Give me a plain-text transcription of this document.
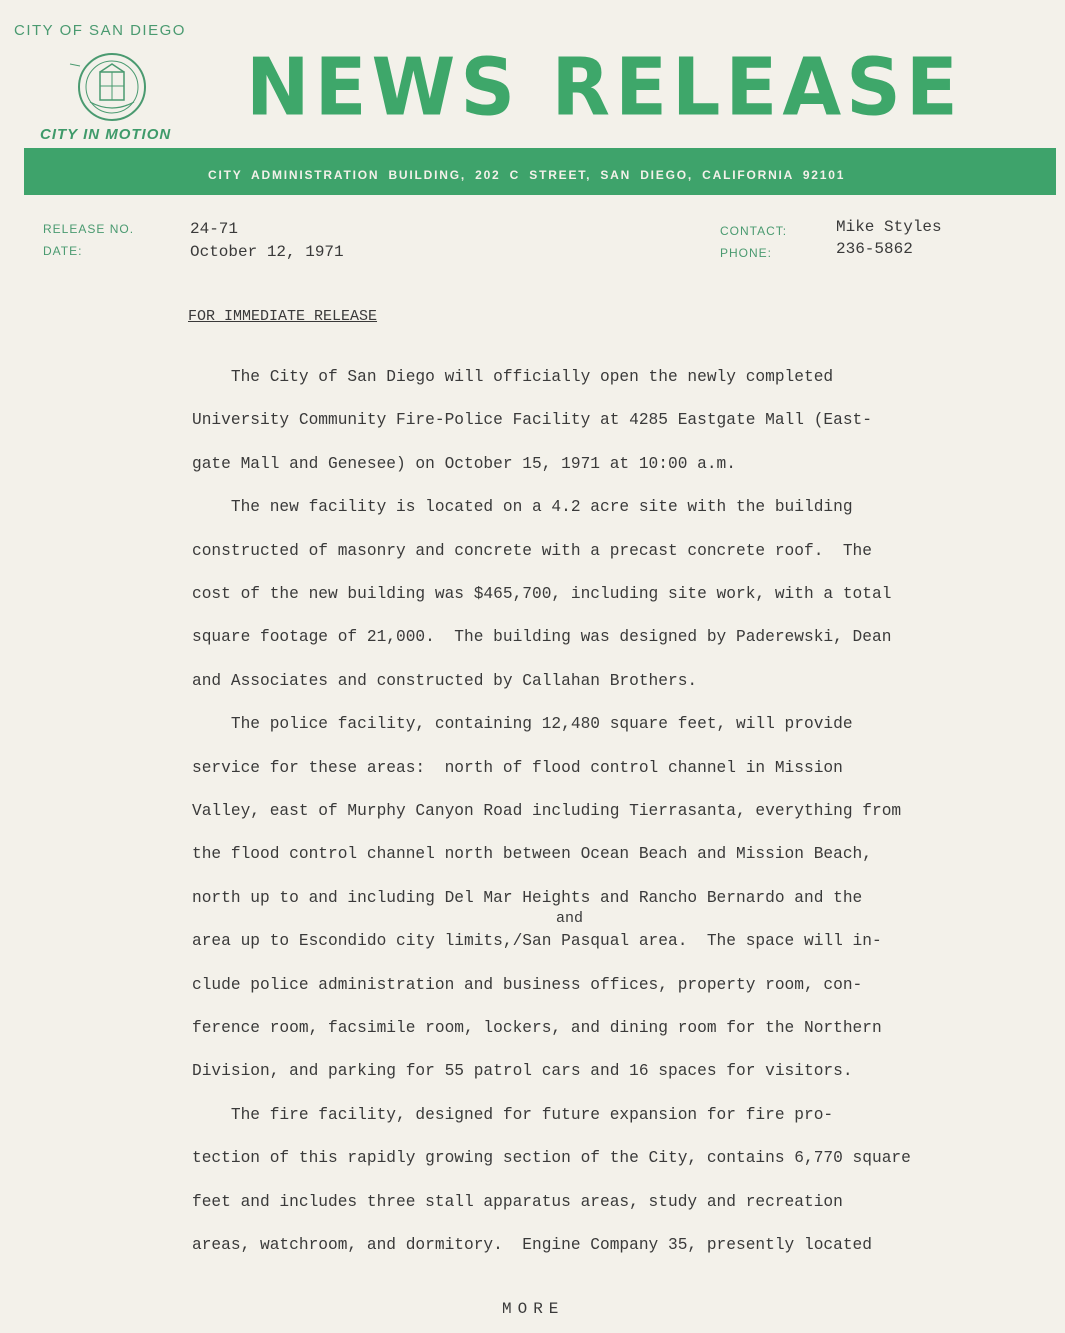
CITY OF SAN DIEGO
CITY IN MOTION
NEWS RELEASE
CITY ADMINISTRATION BUILDING, 202 C STREET, SAN DIEGO, CALIFORNIA 92101
RELEASE NO.
DATE:
24-71
October 12, 1971
CONTACT:
PHONE:
Mike Styles
236-5862
FOR IMMEDIATE RELEASE
The City of San Diego will officially open the newly completed
University Community Fire-Police Facility at 4285 Eastgate Mall (East-
gate Mall and Genesee) on October 15, 1971 at 10:00 a.m.
The new facility is located on a 4.2 acre site with the building
constructed of masonry and concrete with a precast concrete roof.  The
cost of the new building was $465,700, including site work, with a total
square footage of 21,000.  The building was designed by Paderewski, Dean
and Associates and constructed by Callahan Brothers.
The police facility, containing 12,480 square feet, will provide
service for these areas:  north of flood control channel in Mission
Valley, east of Murphy Canyon Road including Tierrasanta, everything from
the flood control channel north between Ocean Beach and Mission Beach,
north up to and including Del Mar Heights and Rancho Bernardo and the
area up to Escondido city limits,/San Pasqual area.  The space will in-
clude police administration and business offices, property room, con-
ference room, facsimile room, lockers, and dining room for the Northern
Division, and parking for 55 patrol cars and 16 spaces for visitors.
The fire facility, designed for future expansion for fire pro-
tection of this rapidly growing section of the City, contains 6,770 square
feet and includes three stall apparatus areas, study and recreation
areas, watchroom, and dormitory.  Engine Company 35, presently located
and
MORE
